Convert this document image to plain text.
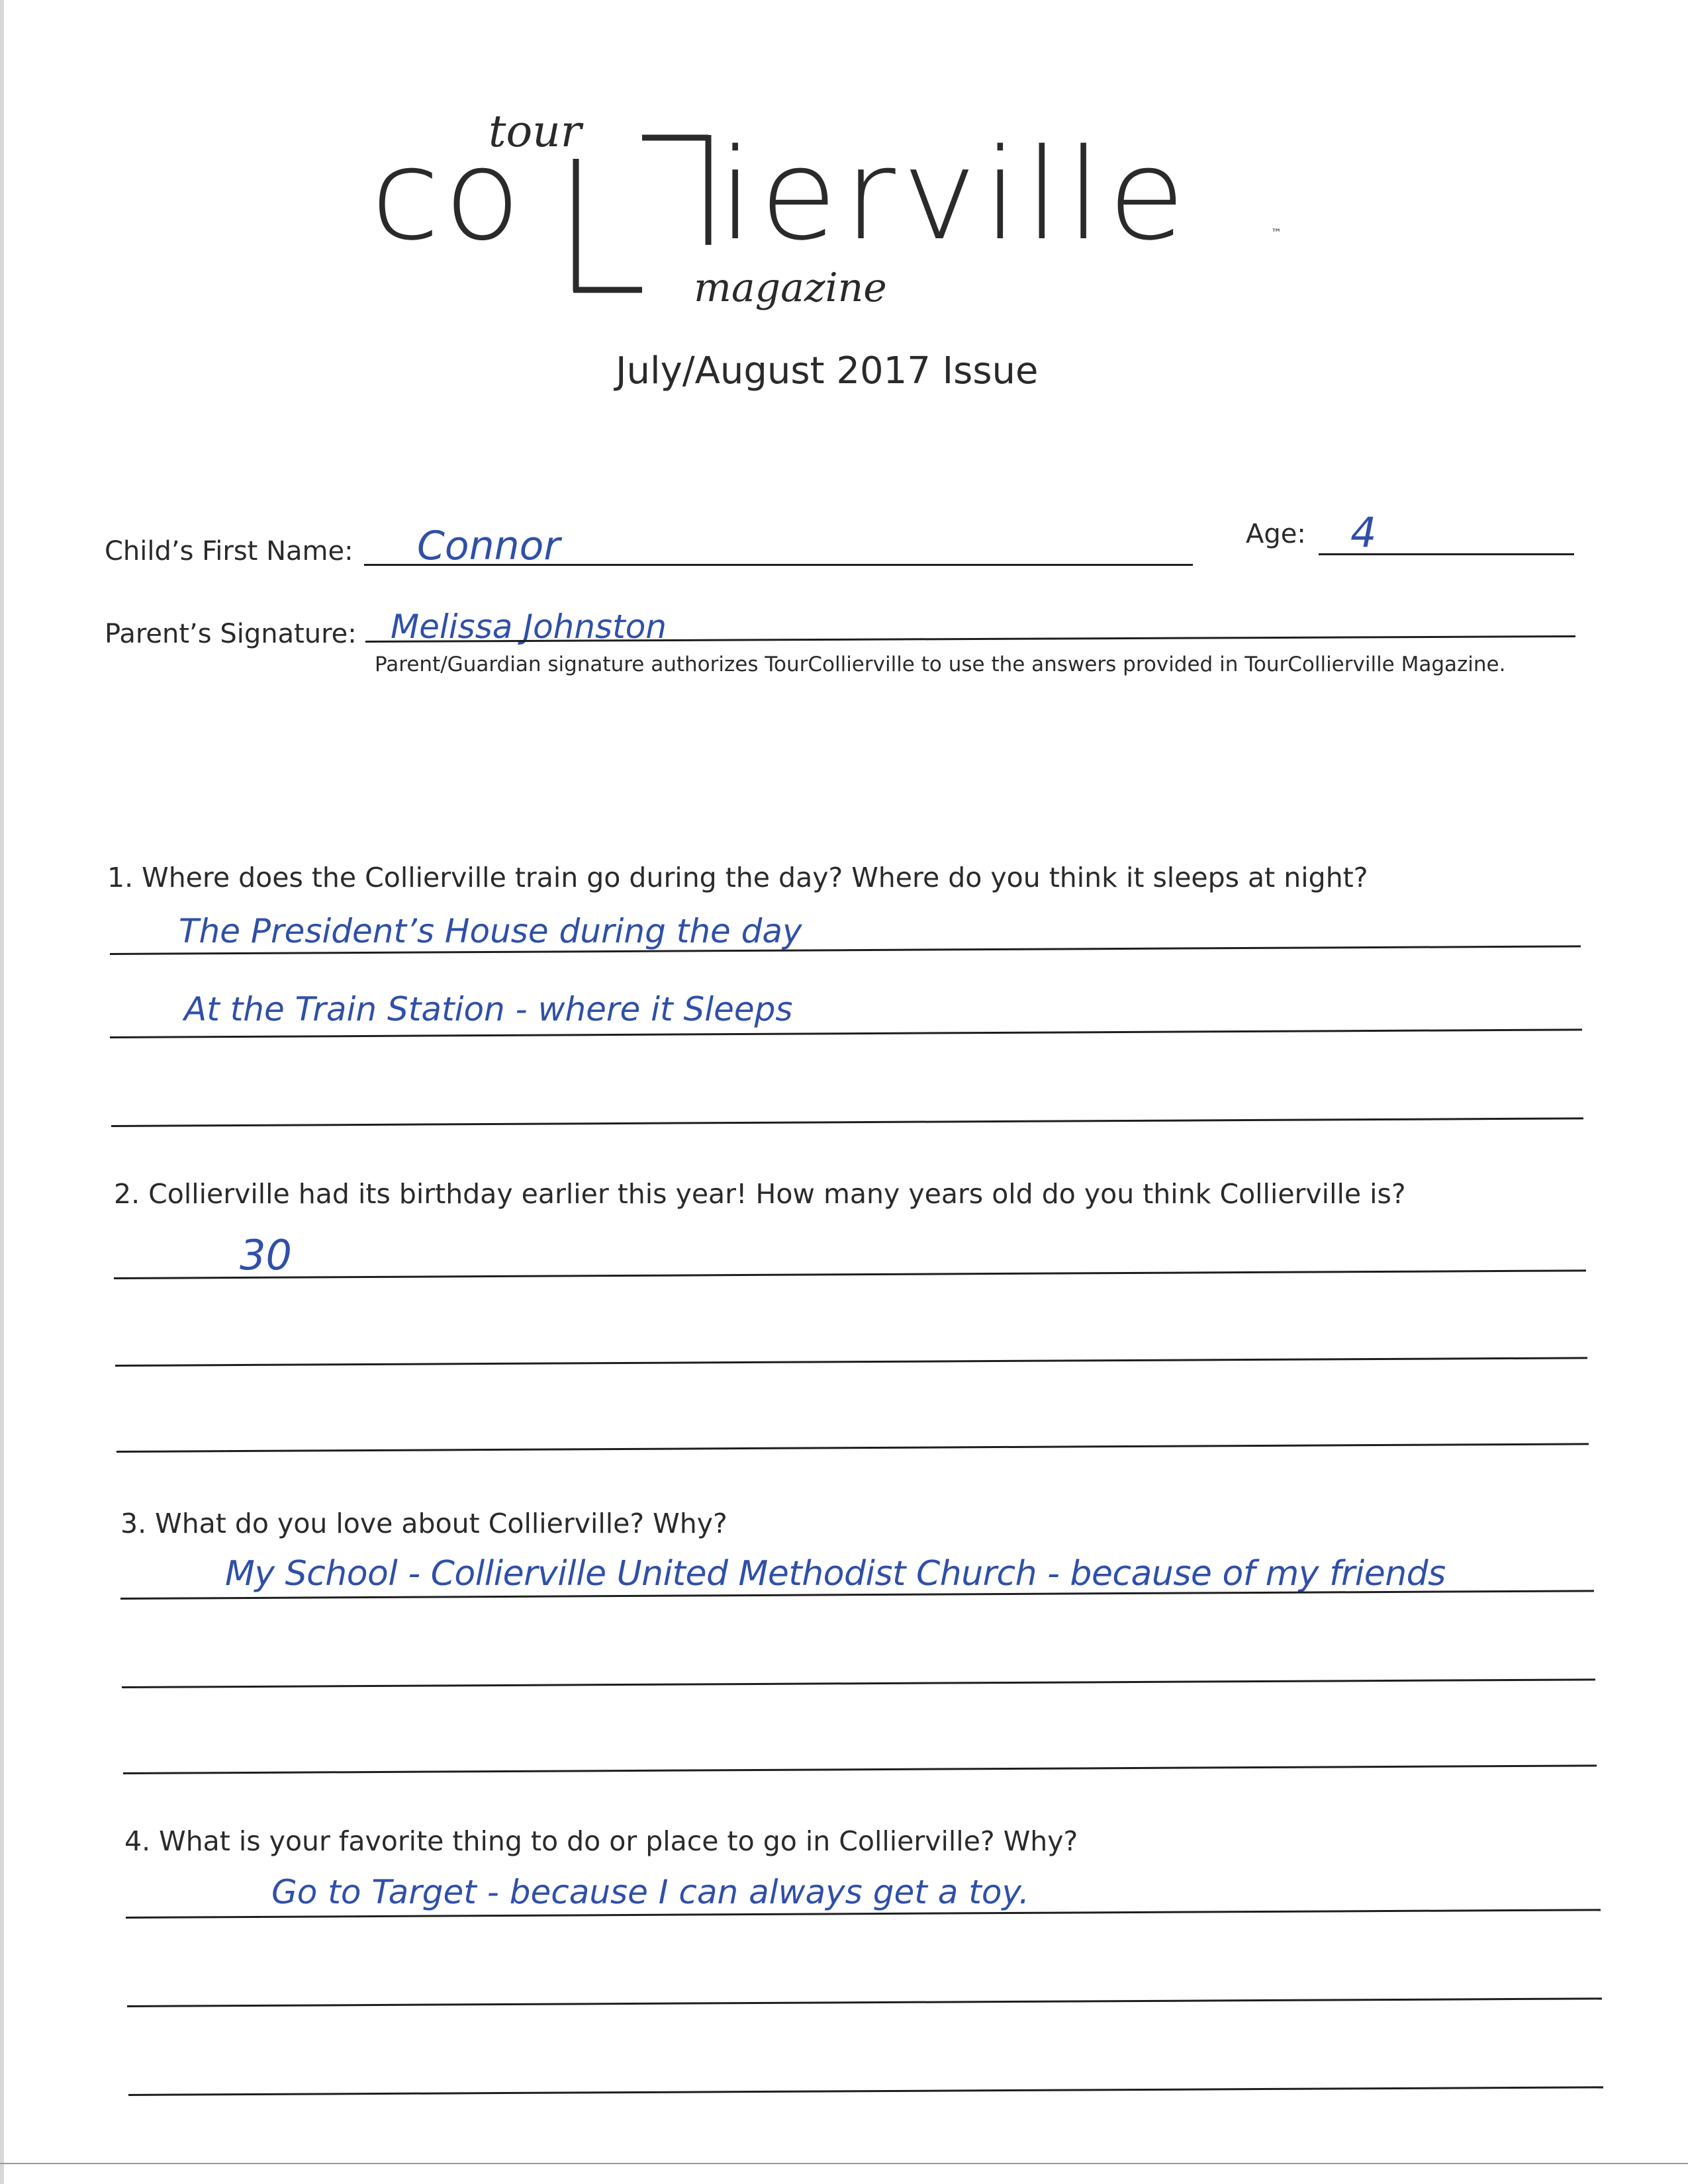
tour
co ierville	™
magazine
July/August 2017 Issue
Child’s First Name: Connor	Age: 4
Parent’s Signature: Melissa Johnston
Parent/Guardian signature authorizes TourCollierville to use the answers provided in TourCollierville Magazine.
1. Where does the Collierville train go during the day? Where do you think it sleeps at night?
The President’s House during the day
At the Train Station - where it Sleeps
2. Collierville had its birthday earlier this year! How many years old do you think Collierville is?
30
3. What do you love about Collierville? Why?
My School - Collierville United Methodist Church - because of my friends
4. What is your favorite thing to do or place to go in Collierville? Why?
Go to Target - because I can always get a toy.
